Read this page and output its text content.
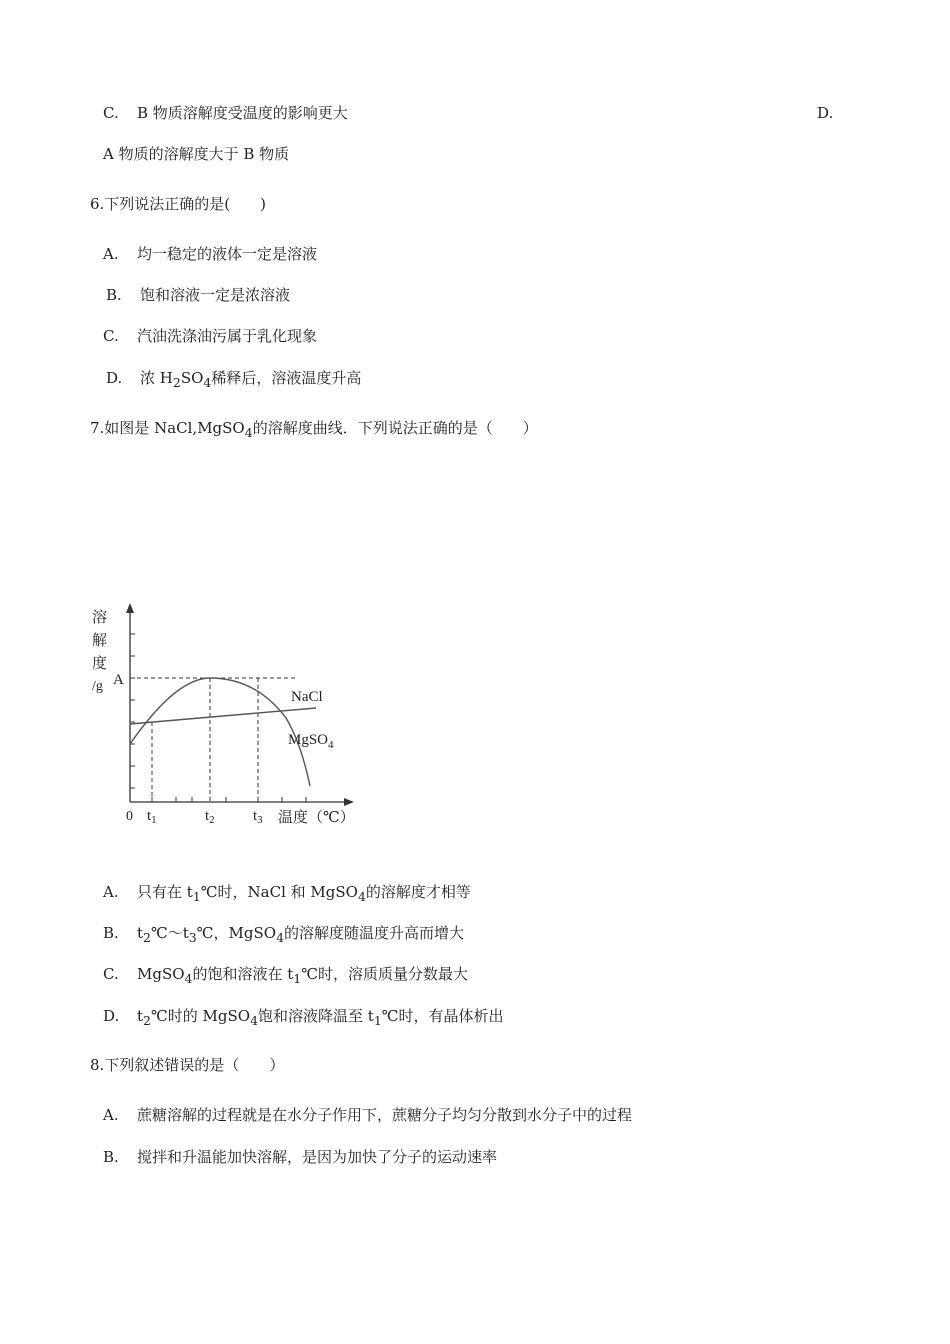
C. B 物质溶解度受温度的影响更大	D.
A 物质的溶解度大于 B 物质
6.下列说法正确的是(　　)
A. 均一稳定的液体一定是溶液
B. 饱和溶液一定是浓溶液
C. 汽油洗涤油污属于乳化现象
D. 浓 $H_2SO_4$稀释后，溶液温度升高
7.如图是 NaCl,MgSO$_4$的溶解度曲线．下列说法正确的是（　　）
溶
解
度
/g A
NaCl
MgSO$_4$
0 $t_1$	$t_2$	$t_3$ 温度（℃）
A. 只有在 $t_1℃$时，NaCl 和 MgSO$_4$的溶解度才相等
B. $t_2℃\sim t_3℃$，MgSO$_4$的溶解度随温度升高而增大
C. MgSO$_4$的饱和溶液在 $t_1℃$时，溶质质量分数最大
D. $t_2℃$时的 MgSO$_4$饱和溶液降温至 $t_1℃$时，有晶体析出
8.下列叙述错误的是（　　）
A. 蔗糖溶解的过程就是在水分子作用下，蔗糖分子均匀分散到水分子中的过程
B. 搅拌和升温能加快溶解，是因为加快了分子的运动速率
